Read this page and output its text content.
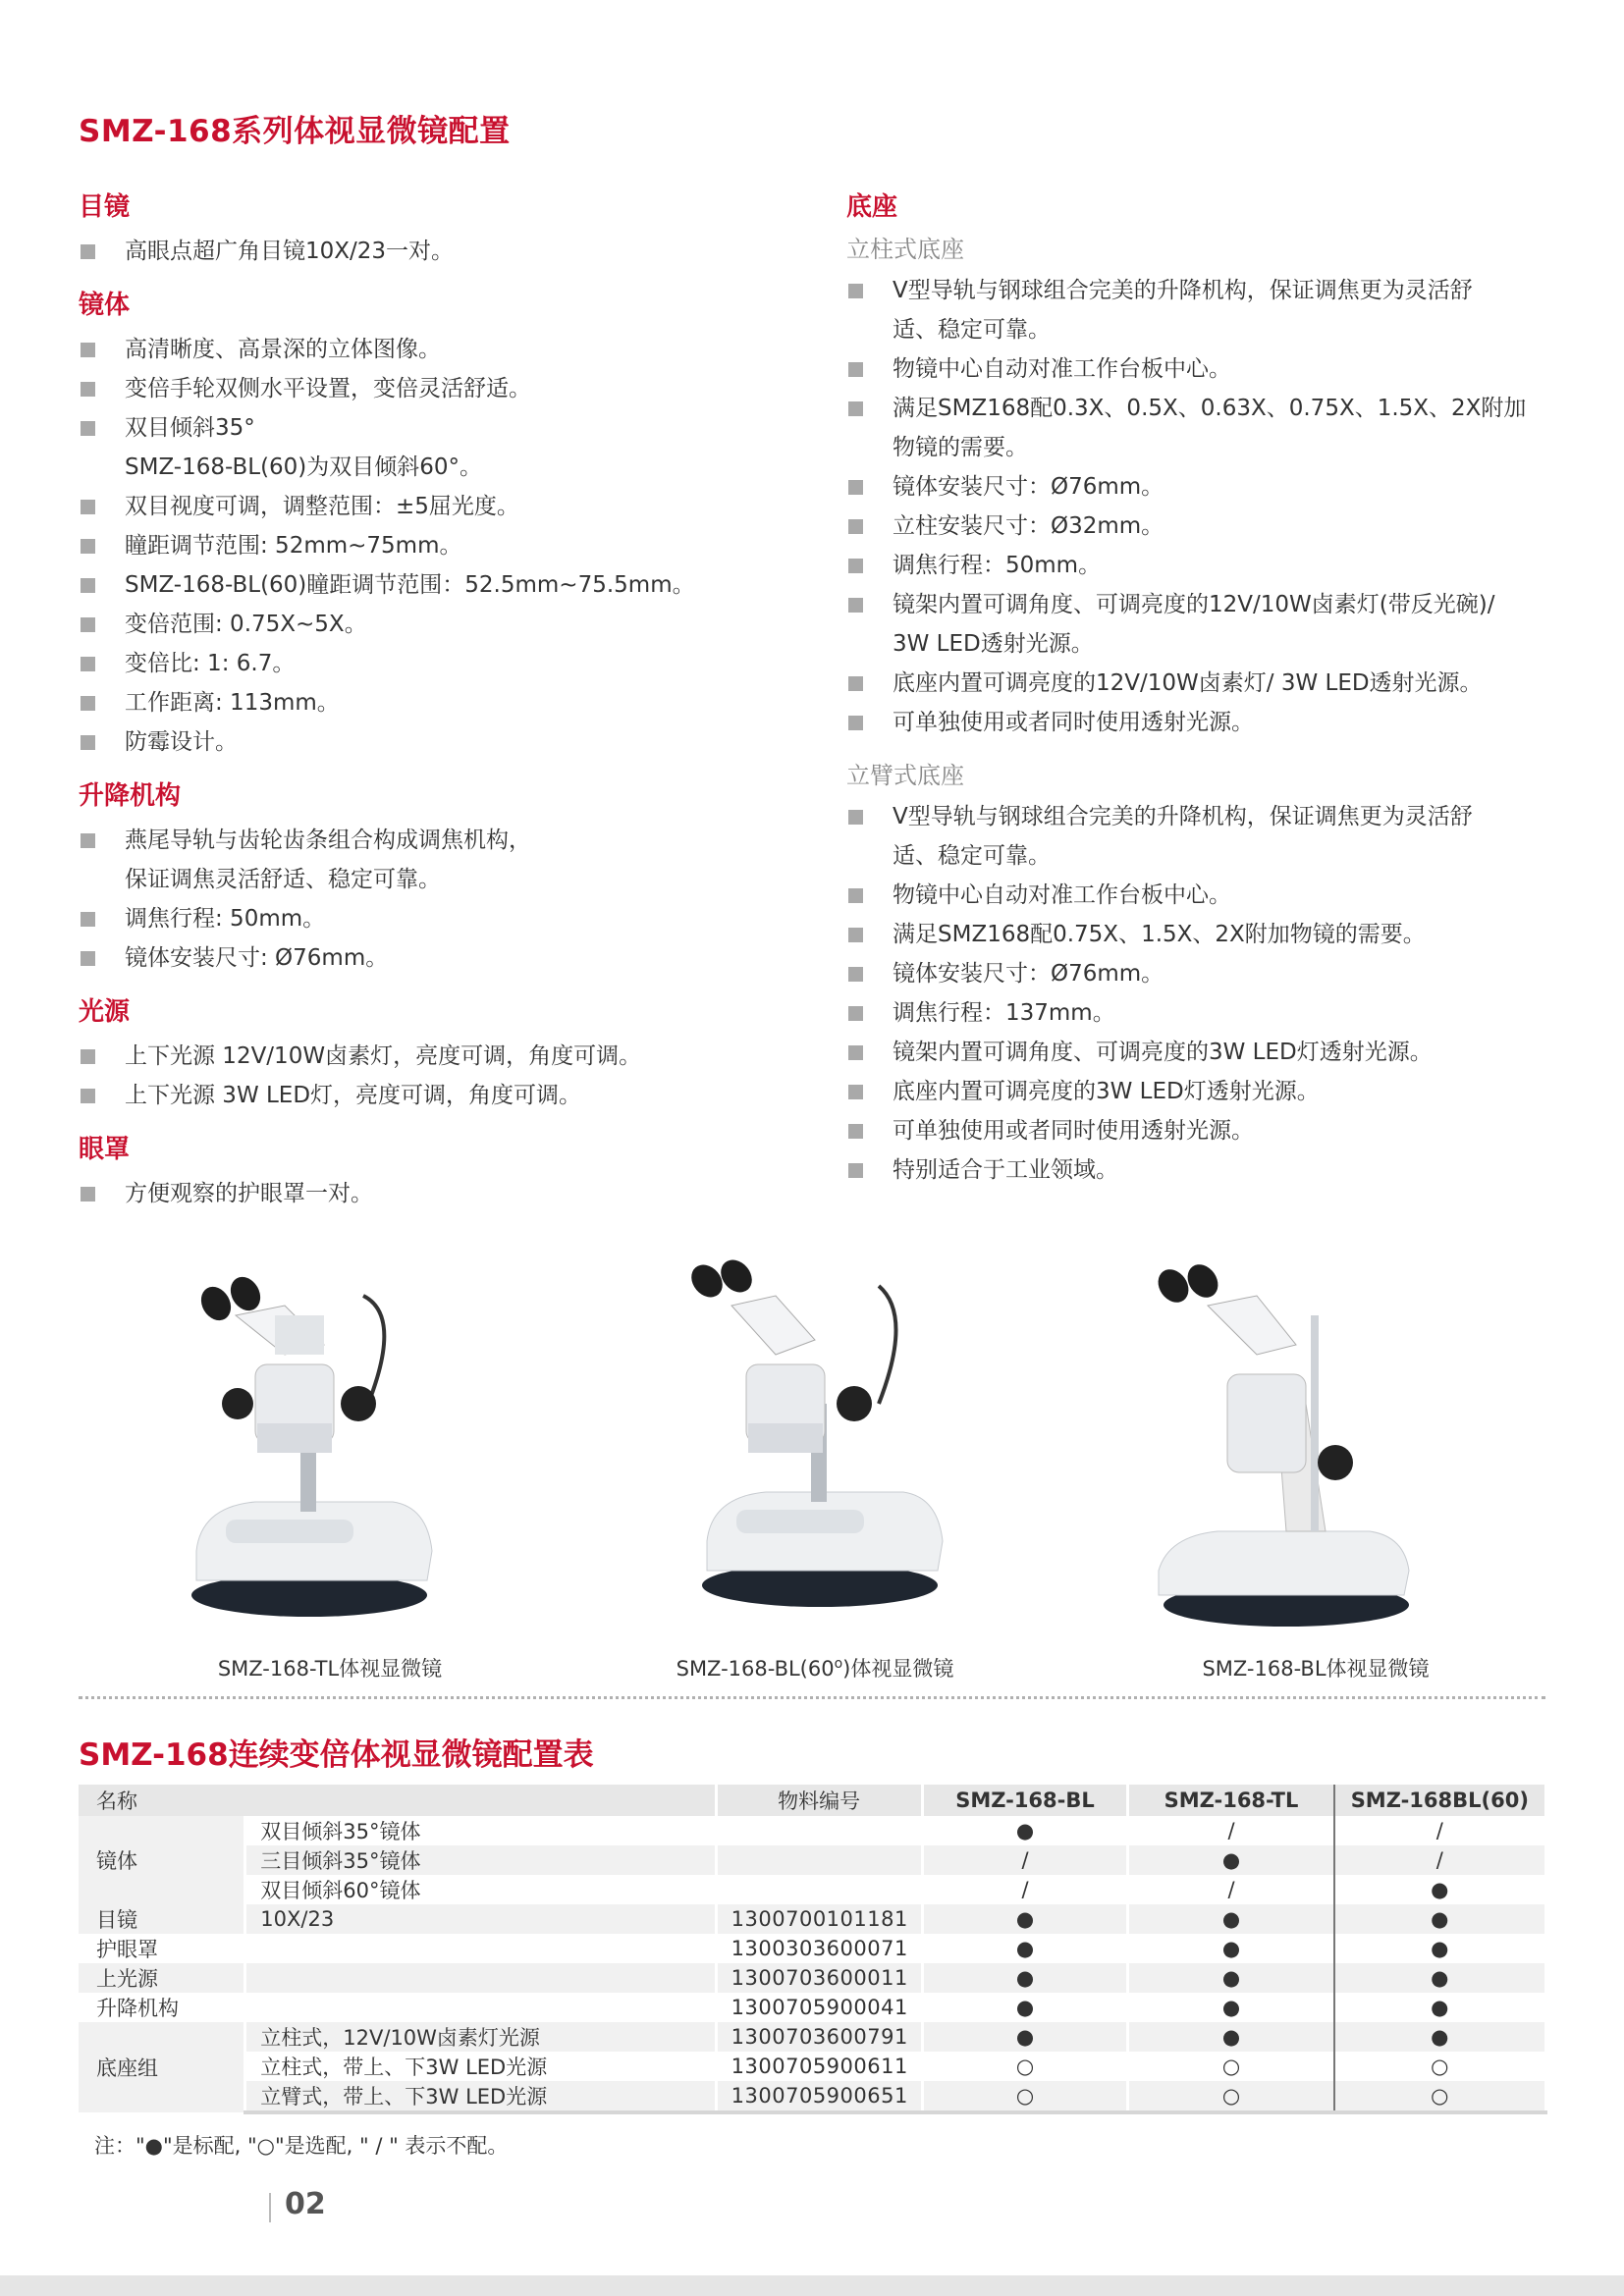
SMZ-168系列体视显微镜配置
目镜
高眼点超广角目镜10X/23一对。
镜体
高清晰度、高景深的立体图像。
变倍手轮双侧水平设置，变倍灵活舒适。
双目倾斜35°
SMZ-168-BL(60)为双目倾斜60°。
双目视度可调，调整范围：±5屈光度。
瞳距调节范围: 52mm~75mm。
SMZ-168-BL(60)瞳距调节范围：52.5mm~75.5mm。
变倍范围: 0.75X~5X。
变倍比: 1: 6.7。
工作距离: 113mm。
防霉设计。
升降机构
燕尾导轨与齿轮齿条组合构成调焦机构，
保证调焦灵活舒适、稳定可靠。
调焦行程: 50mm。
镜体安装尺寸: Ø76mm。
光源
上下光源 12V/10W卤素灯，亮度可调，角度可调。
上下光源 3W LED灯，亮度可调，角度可调。
眼罩
方便观察的护眼罩一对。
底座
立柱式底座
V型导轨与钢球组合完美的升降机构，保证调焦更为灵活舒
适、稳定可靠。
物镜中心自动对准工作台板中心。
满足SMZ168配0.3X、0.5X、0.63X、0.75X、1.5X、2X附加
物镜的需要。
镜体安装尺寸：Ø76mm。
立柱安装尺寸：Ø32mm。
调焦行程：50mm。
镜架内置可调角度、可调亮度的12V/10W卤素灯(带反光碗)/
3W LED透射光源。
底座内置可调亮度的12V/10W卤素灯/ 3W LED透射光源。
可单独使用或者同时使用透射光源。
立臂式底座
V型导轨与钢球组合完美的升降机构，保证调焦更为灵活舒
适、稳定可靠。
物镜中心自动对准工作台板中心。
满足SMZ168配0.75X、1.5X、2X附加物镜的需要。
镜体安装尺寸：Ø76mm。
调焦行程：137mm。
镜架内置可调角度、可调亮度的3W LED灯透射光源。
底座内置可调亮度的3W LED灯透射光源。
可单独使用或者同时使用透射光源。
特别适合于工业领域。
SMZ-168-TL体视显微镜	SMZ-168-BL(60$^o$)体视显微镜	SMZ-168-BL体视显微镜
SMZ-168连续变倍体视显微镜配置表
名称		物料编号	SMZ-168-BL	SMZ-168-TL	SMZ-168BL(60)
镜体	双目倾斜35°镜体		●	/	/
	三目倾斜35°镜体		/	●	/
	双目倾斜60°镜体		/	/	●
目镜	10X/23	1300700101181	●	●	●
护眼罩		1300303600071	●	●	●
上光源		1300703600011	●	●	●
升降机构		1300705900041	●	●	●
底座组	立柱式，12V/10W卤素灯光源	1300703600791	●	●	●
	立柱式，带上、下3W LED光源	1300705900611	○	○	○
	立臂式，带上、下3W LED光源	1300705900651	○	○	○
注："●"是标配, "○"是选配, " / " 表示不配。
02
